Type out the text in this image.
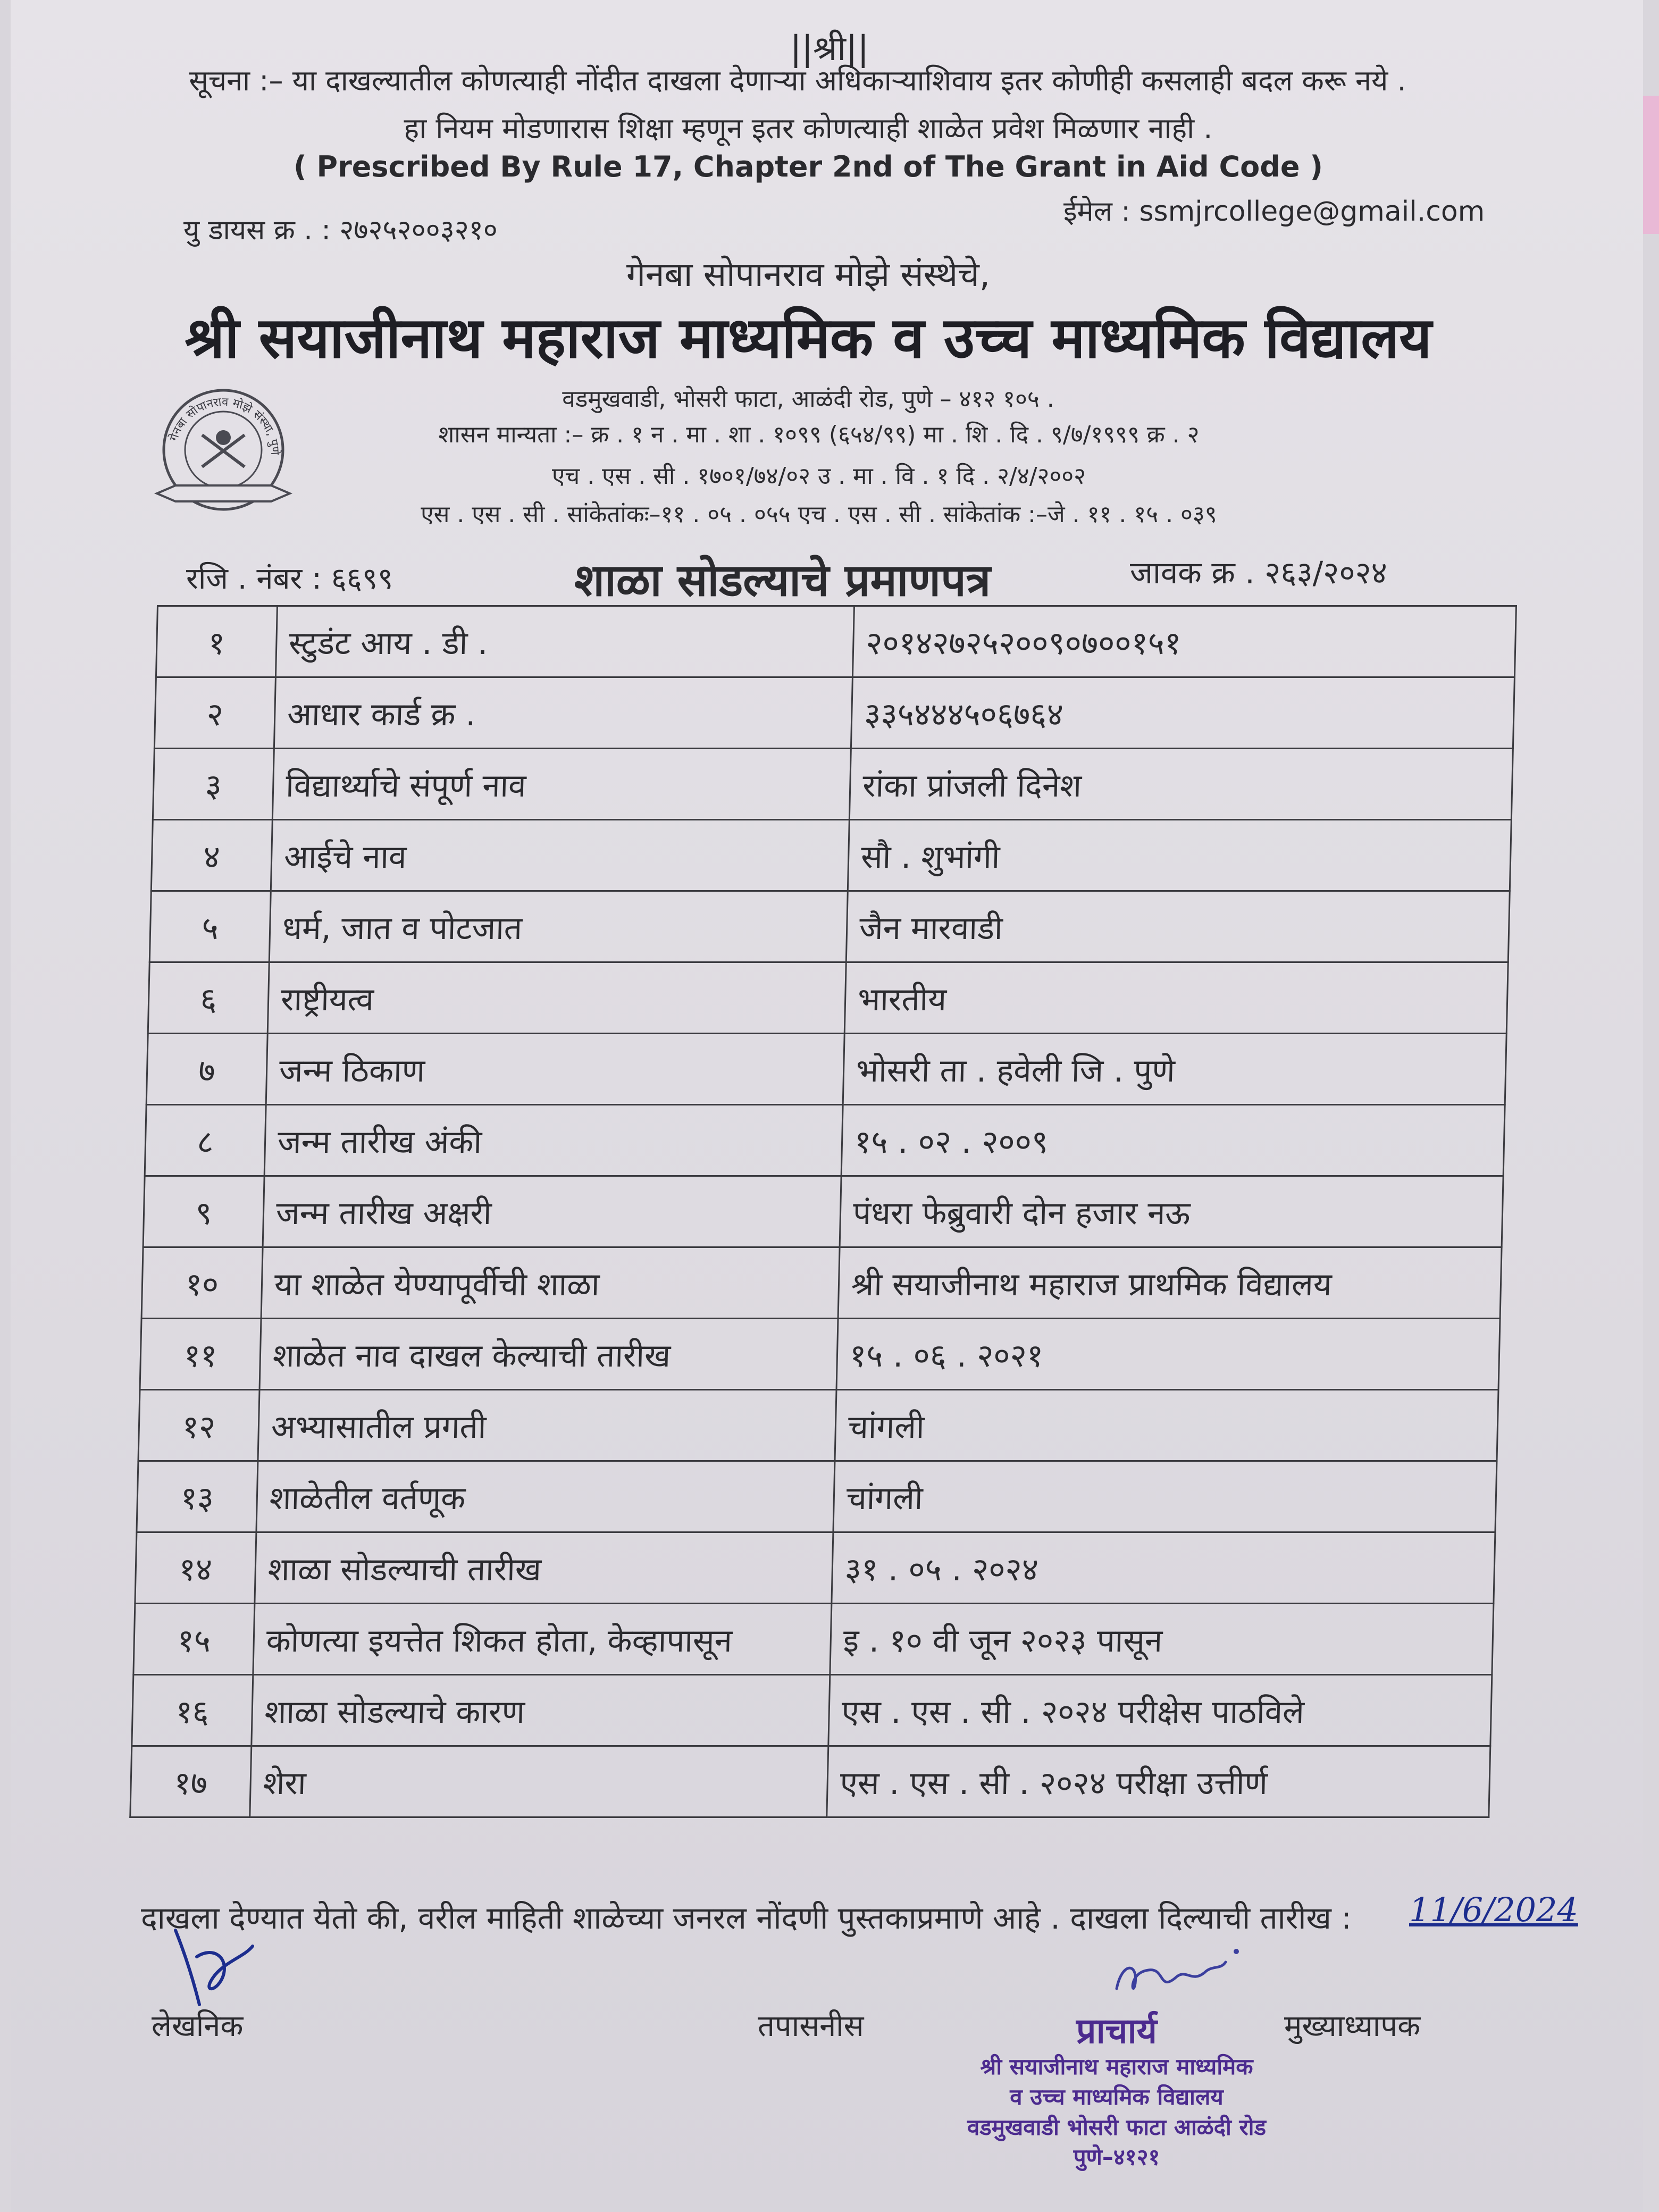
||श्री||
सूचना :– या दाखल्यातील कोणत्याही नोंदीत दाखला देणाऱ्या अधिकाऱ्याशिवाय इतर कोणीही कसलाही बदल करू नये .
हा नियम मोडणारास शिक्षा म्हणून इतर कोणत्याही शाळेत प्रवेश मिळणार नाही .
( Prescribed By Rule 17, Chapter 2nd of The Grant in Aid Code )
यु डायस क्र . : २७२५२००३२१०
ईमेल : ssmjrcollege@gmail.com
गेनबा सोपानराव मोझे संस्थेचे,
श्री सयाजीनाथ महाराज माध्यमिक व उच्च माध्यमिक विद्यालय
वडमुखवाडी, भोसरी फाटा, आळंदी रोड, पुणे – ४१२ १०५ .
शासन मान्यता :– क्र . १ न . मा . शा . १०९९ (६५४/९९) मा . शि . दि . ९/७/१९९९ क्र . २
एच . एस . सी . १७०१/७४/०२ उ . मा . वि . १ दि . २/४/२००२
एस . एस . सी . सांकेतांकः–११ . ०५ . ०५५ एच . एस . सी . सांकेतांक :–जे . ११ . १५ . ०३९
गेनबा सोपानराव मोझे संस्था, पुणे
रजि . नंबर : ६६९९	शाळा सोडल्याचे प्रमाणपत्र	जावक क्र . २६३/२०२४
१	स्टुडंट आय . डी .	२०१४२७२५२००९०७००१५१
२	आधार कार्ड क्र .	३३५४४४५०६७६४
३	विद्यार्थ्याचे संपूर्ण नाव	रांका प्रांजली दिनेश
४	आईचे नाव	सौ . शुभांगी
५	धर्म, जात व पोटजात	जैन मारवाडी
६	राष्ट्रीयत्व	भारतीय
७	जन्म ठिकाण	भोसरी ता . हवेली जि . पुणे
८	जन्म तारीख अंकी	१५ . ०२ . २००९
९	जन्म तारीख अक्षरी	पंधरा फेब्रुवारी दोन हजार नऊ
१०	या शाळेत येण्यापूर्वीची शाळा	श्री सयाजीनाथ महाराज प्राथमिक विद्यालय
११	शाळेत नाव दाखल केल्याची तारीख	१५ . ०६ . २०२१
१२	अभ्यासातील प्रगती	चांगली
१३	शाळेतील वर्तणूक	चांगली
१४	शाळा सोडल्याची तारीख	३१ . ०५ . २०२४
१५	कोणत्या इयत्तेत शिकत होता, केव्हापासून	इ . १० वी जून २०२३ पासून
१६	शाळा सोडल्याचे कारण	एस . एस . सी . २०२४ परीक्षेस पाठविले
१७	शेरा	एस . एस . सी . २०२४ परीक्षा उत्तीर्ण
दाखला देण्यात येतो की, वरील माहिती शाळेच्या जनरल नोंदणी पुस्तकाप्रमाणे आहे . दाखला दिल्याची तारीख : 11/6/2024
लेखनिक	तपासनीस	मुख्याध्यापक
प्राचार्य
श्री सयाजीनाथ महाराज माध्यमिक
व उच्च माध्यमिक विद्यालय
वडमुखवाडी भोसरी फाटा आळंदी रोड
पुणे–४१२१
